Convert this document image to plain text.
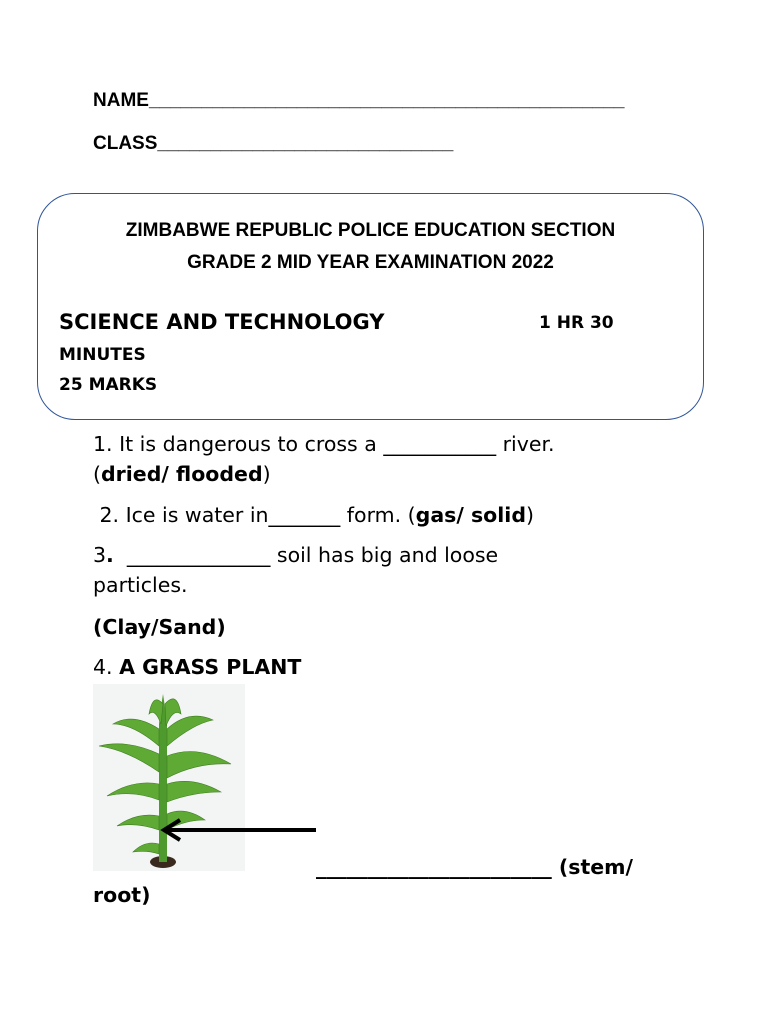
NAME_____________________________________________
CLASS____________________________
ZIMBABWE REPUBLIC POLICE EDUCATION SECTION
GRADE 2 MID YEAR EXAMINATION 2022
SCIENCE AND TECHNOLOGY	1 HR 30
MINUTES
25 MARKS
1. It is dangerous to cross a ___________ river.
(dried/ flooded)
2. Ice is water in_______ form. (gas/ solid)
3.  ______________ soil has big and loose
particles.
(Clay/Sand)
4. A GRASS PLANT
_______________________ (stem/
root)
